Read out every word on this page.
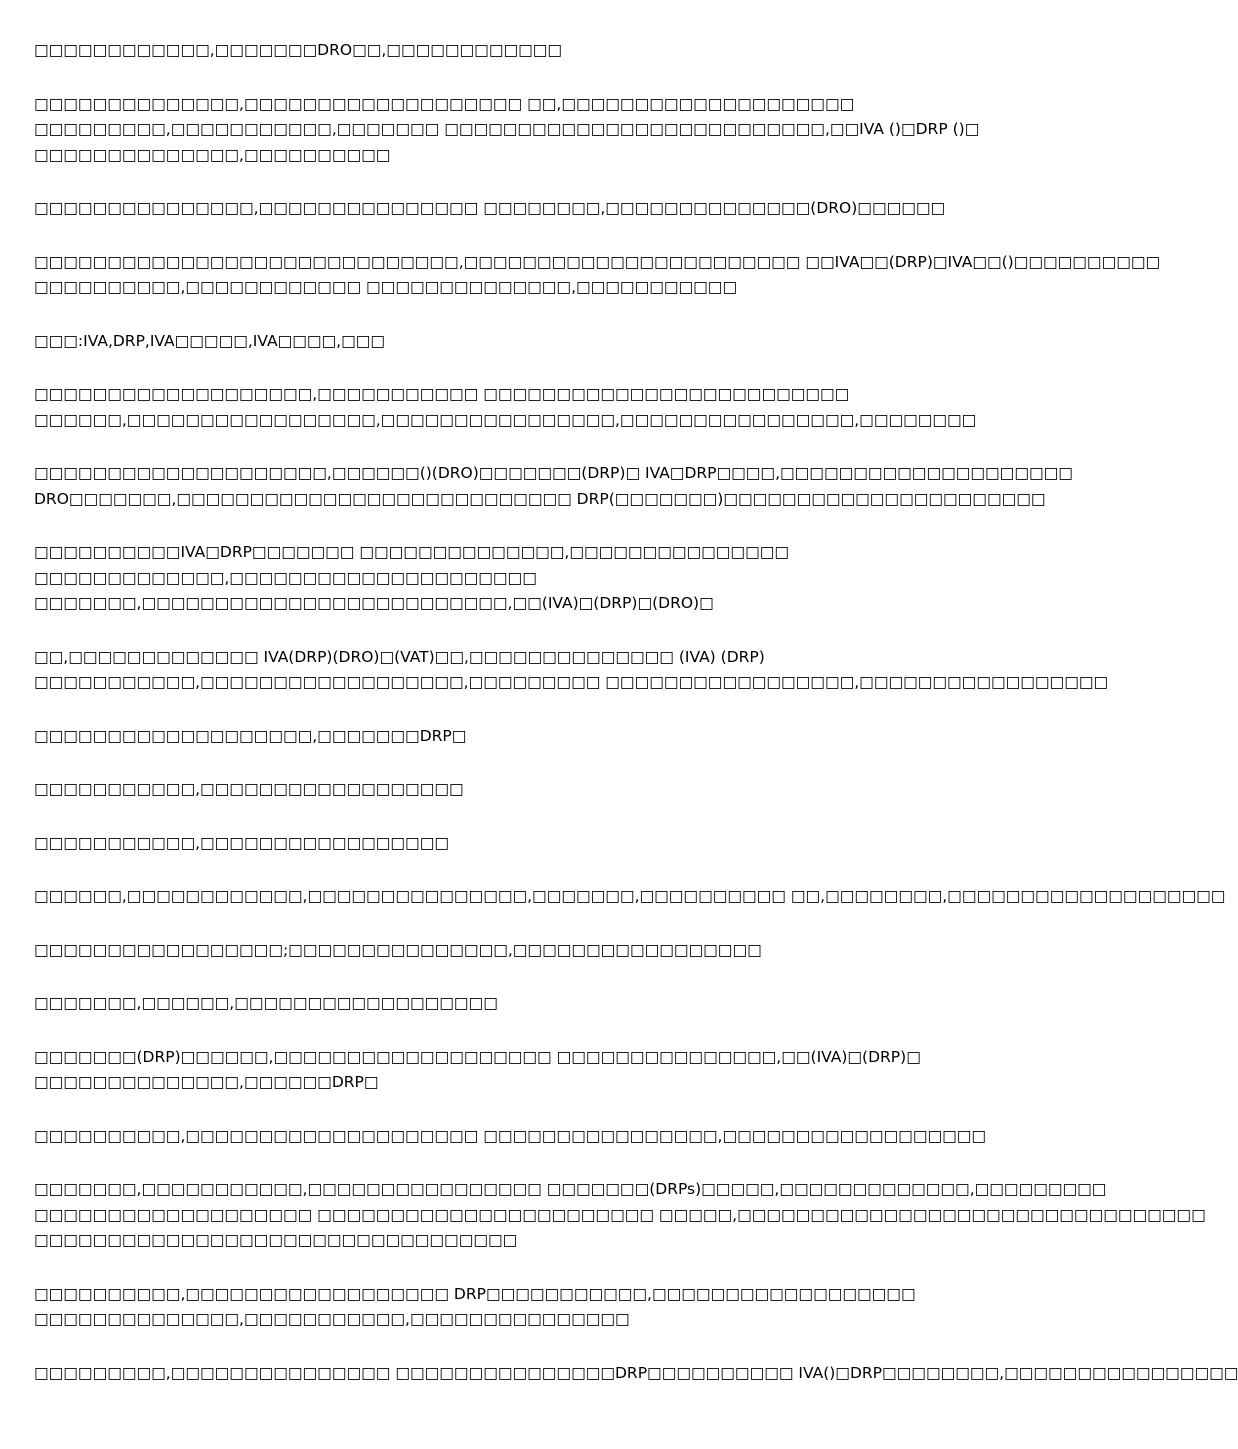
□□□□□□□□□□□□,□□□□□□□DRO□□,□□□□□□□□□□□□
□□□□□□□□□□□□□□,□□□□□□□□□□□□□□□□□□□ □□,□□□□□□□□□□□□□□□□□□□□
□□□□□□□□□,□□□□□□□□□□□,□□□□□□□ □□□□□□□□□□□□□□□□□□□□□□□□□□,□□IVA ()□DRP ()□
□□□□□□□□□□□□□□,□□□□□□□□□□
□□□□□□□□□□□□□□□,□□□□□□□□□□□□□□□ □□□□□□□□,□□□□□□□□□□□□□□(DRO)□□□□□□
□□□□□□□□□□□□□□□□□□□□□□□□□□□□□,□□□□□□□□□□□□□□□□□□□□□□□ □□IVA□□(DRP)□IVA□□()□□□□□□□□□□
□□□□□□□□□□,□□□□□□□□□□□□ □□□□□□□□□□□□□□,□□□□□□□□□□□
□□□:IVA,DRP,IVA□□□□□,IVA□□□□,□□□
□□□□□□□□□□□□□□□□□□□,□□□□□□□□□□□ □□□□□□□□□□□□□□□□□□□□□□□□□
□□□□□□,□□□□□□□□□□□□□□□□□,□□□□□□□□□□□□□□□□,□□□□□□□□□□□□□□□□,□□□□□□□□
□□□□□□□□□□□□□□□□□□□□,□□□□□□()(DRO)□□□□□□□(DRP)□ IVA□DRP□□□□,□□□□□□□□□□□□□□□□□□□□
DRO□□□□□□□,□□□□□□□□□□□□□□□□□□□□□□□□□□□ DRP(□□□□□□□)□□□□□□□□□□□□□□□□□□□□□□
□□□□□□□□□□IVA□DRP□□□□□□□ □□□□□□□□□□□□□□,□□□□□□□□□□□□□□□
□□□□□□□□□□□□□,□□□□□□□□□□□□□□□□□□□□□
□□□□□□□,□□□□□□□□□□□□□□□□□□□□□□□□□,□□(IVA)□(DRP)□(DRO)□
□□,□□□□□□□□□□□□□ IVA(DRP)(DRO)□(VAT)□□,□□□□□□□□□□□□□□ (IVA) (DRP)
□□□□□□□□□□□,□□□□□□□□□□□□□□□□□□,□□□□□□□□□ □□□□□□□□□□□□□□□□□,□□□□□□□□□□□□□□□□□
□□□□□□□□□□□□□□□□□□□,□□□□□□□DRP□
□□□□□□□□□□□,□□□□□□□□□□□□□□□□□□
□□□□□□□□□□□,□□□□□□□□□□□□□□□□□
□□□□□□,□□□□□□□□□□□□,□□□□□□□□□□□□□□□,□□□□□□□,□□□□□□□□□□ □□,□□□□□□□□,□□□□□□□□□□□□□□□□□□□
□□□□□□□□□□□□□□□□□;□□□□□□□□□□□□□□□,□□□□□□□□□□□□□□□□□
□□□□□□□,□□□□□□,□□□□□□□□□□□□□□□□□□
□□□□□□□(DRP)□□□□□□,□□□□□□□□□□□□□□□□□□□ □□□□□□□□□□□□□□□,□□(IVA)□(DRP)□
□□□□□□□□□□□□□□,□□□□□□DRP□
□□□□□□□□□□,□□□□□□□□□□□□□□□□□□□□ □□□□□□□□□□□□□□□□,□□□□□□□□□□□□□□□□□□
□□□□□□□,□□□□□□□□□□□,□□□□□□□□□□□□□□□□ □□□□□□□(DRPs)□□□□□,□□□□□□□□□□□□□,□□□□□□□□□
□□□□□□□□□□□□□□□□□□□ □□□□□□□□□□□□□□□□□□□□□□□ □□□□□,□□□□□□□□□□□□□□□□□□□□□□□□□□□□□□□□
□□□□□□□□□□□□□□□□□□□□□□□□□□□□□□□□□
□□□□□□□□□□,□□□□□□□□□□□□□□□□□□ DRP□□□□□□□□□□□,□□□□□□□□□□□□□□□□□□
□□□□□□□□□□□□□□,□□□□□□□□□□□,□□□□□□□□□□□□□□□
□□□□□□□□□,□□□□□□□□□□□□□□□ □□□□□□□□□□□□□□□DRP□□□□□□□□□□ IVA()□DRP□□□□□□□□,□□□□□□□□□□□□□□□□
